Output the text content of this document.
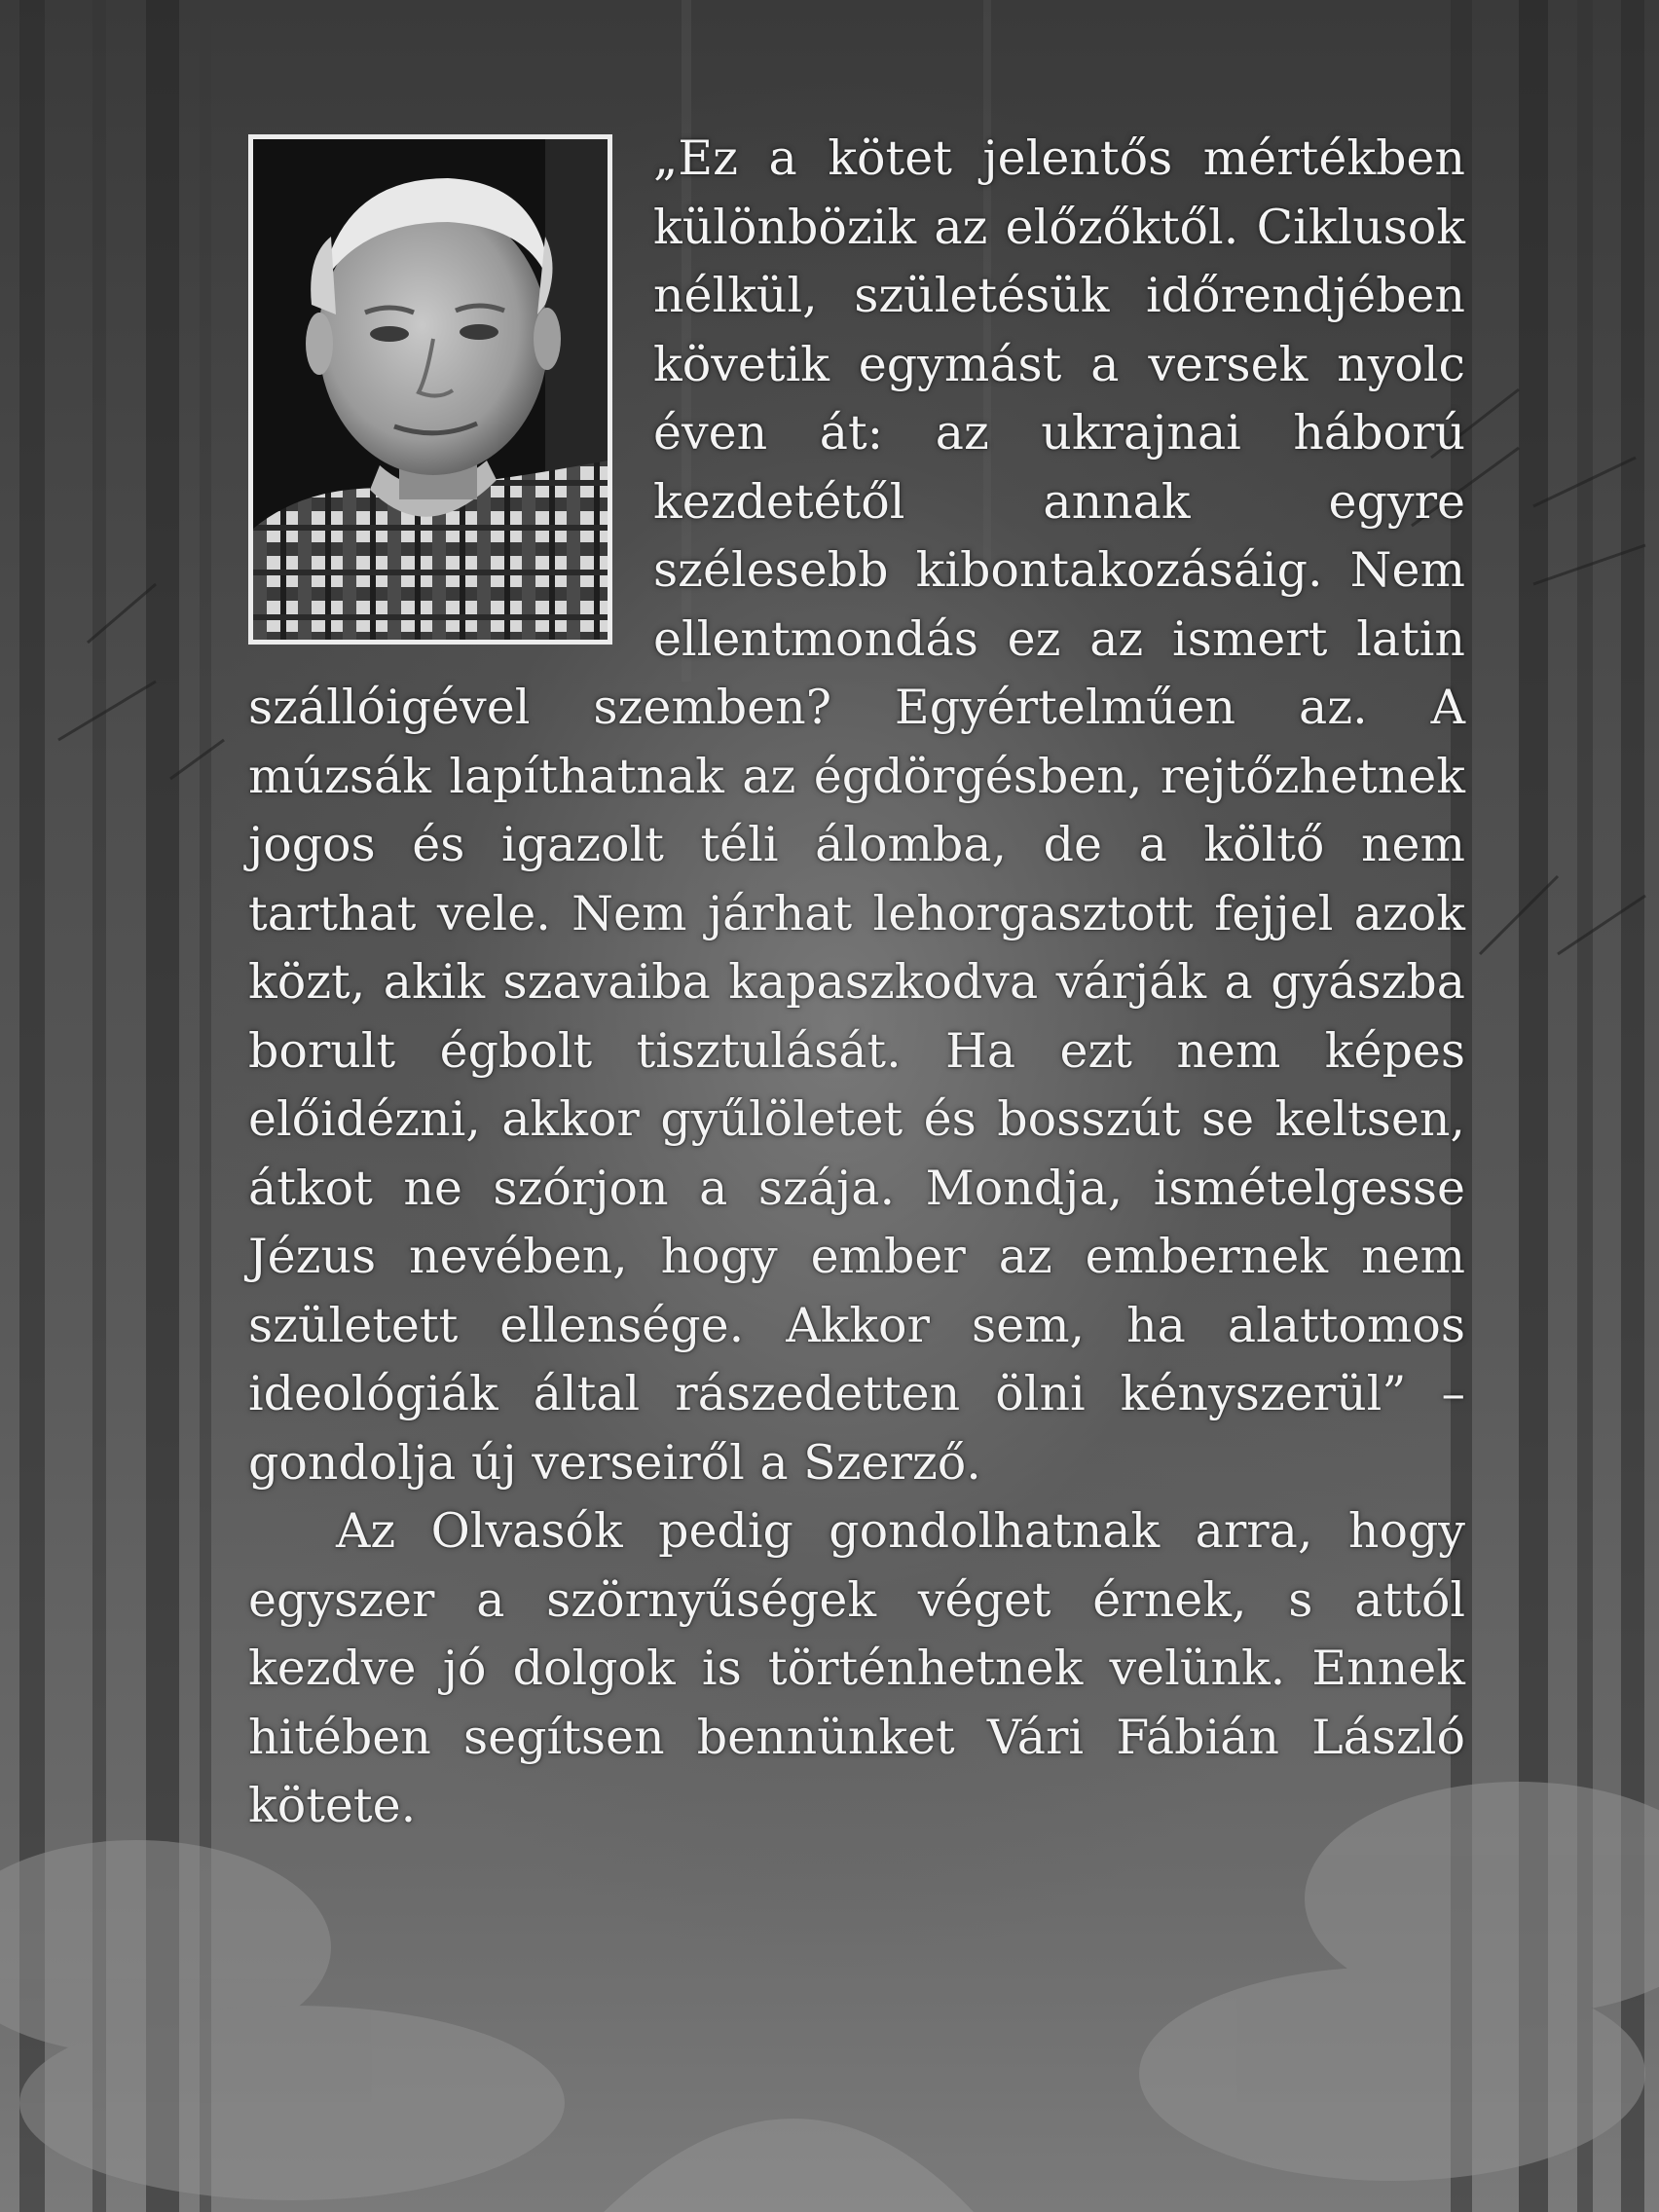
„Ez a kötet jelentős mértékben különbözik az előzőktől. Ciklusok nélkül, születésük időrendjében követik egymást a versek nyolc éven át: az ukrajnai háború kezdetétől annak egyre szélesebb kibontakozásáig. Nem ellentmondás ez az ismert latin szállóigével szemben? Egyértelműen az. A múzsák lapíthatnak az égdörgésben, rejtőzhetnek jogos és igazolt téli álomba, de a költő nem tarthat vele. Nem járhat lehorgasztott fejjel azok közt, akik szavaiba kapaszkodva várják a gyászba borult égbolt tisztulását. Ha ezt nem képes előidézni, akkor gyűlöletet és bosszút se keltsen, átkot ne szórjon a szája. Mondja, ismételgesse Jézus nevében, hogy ember az embernek nem született ellensége. Akkor sem, ha alattomos ideológiák által rászedetten ölni kényszerül” – gondolja új verseiről a Szerző.

Az Olvasók pedig gondolhatnak arra, hogy egyszer a szörnyűségek véget érnek, s attól kezdve jó dolgok is történhetnek velünk. Ennek hitében segítsen bennünket Vári Fábián László kötete.
